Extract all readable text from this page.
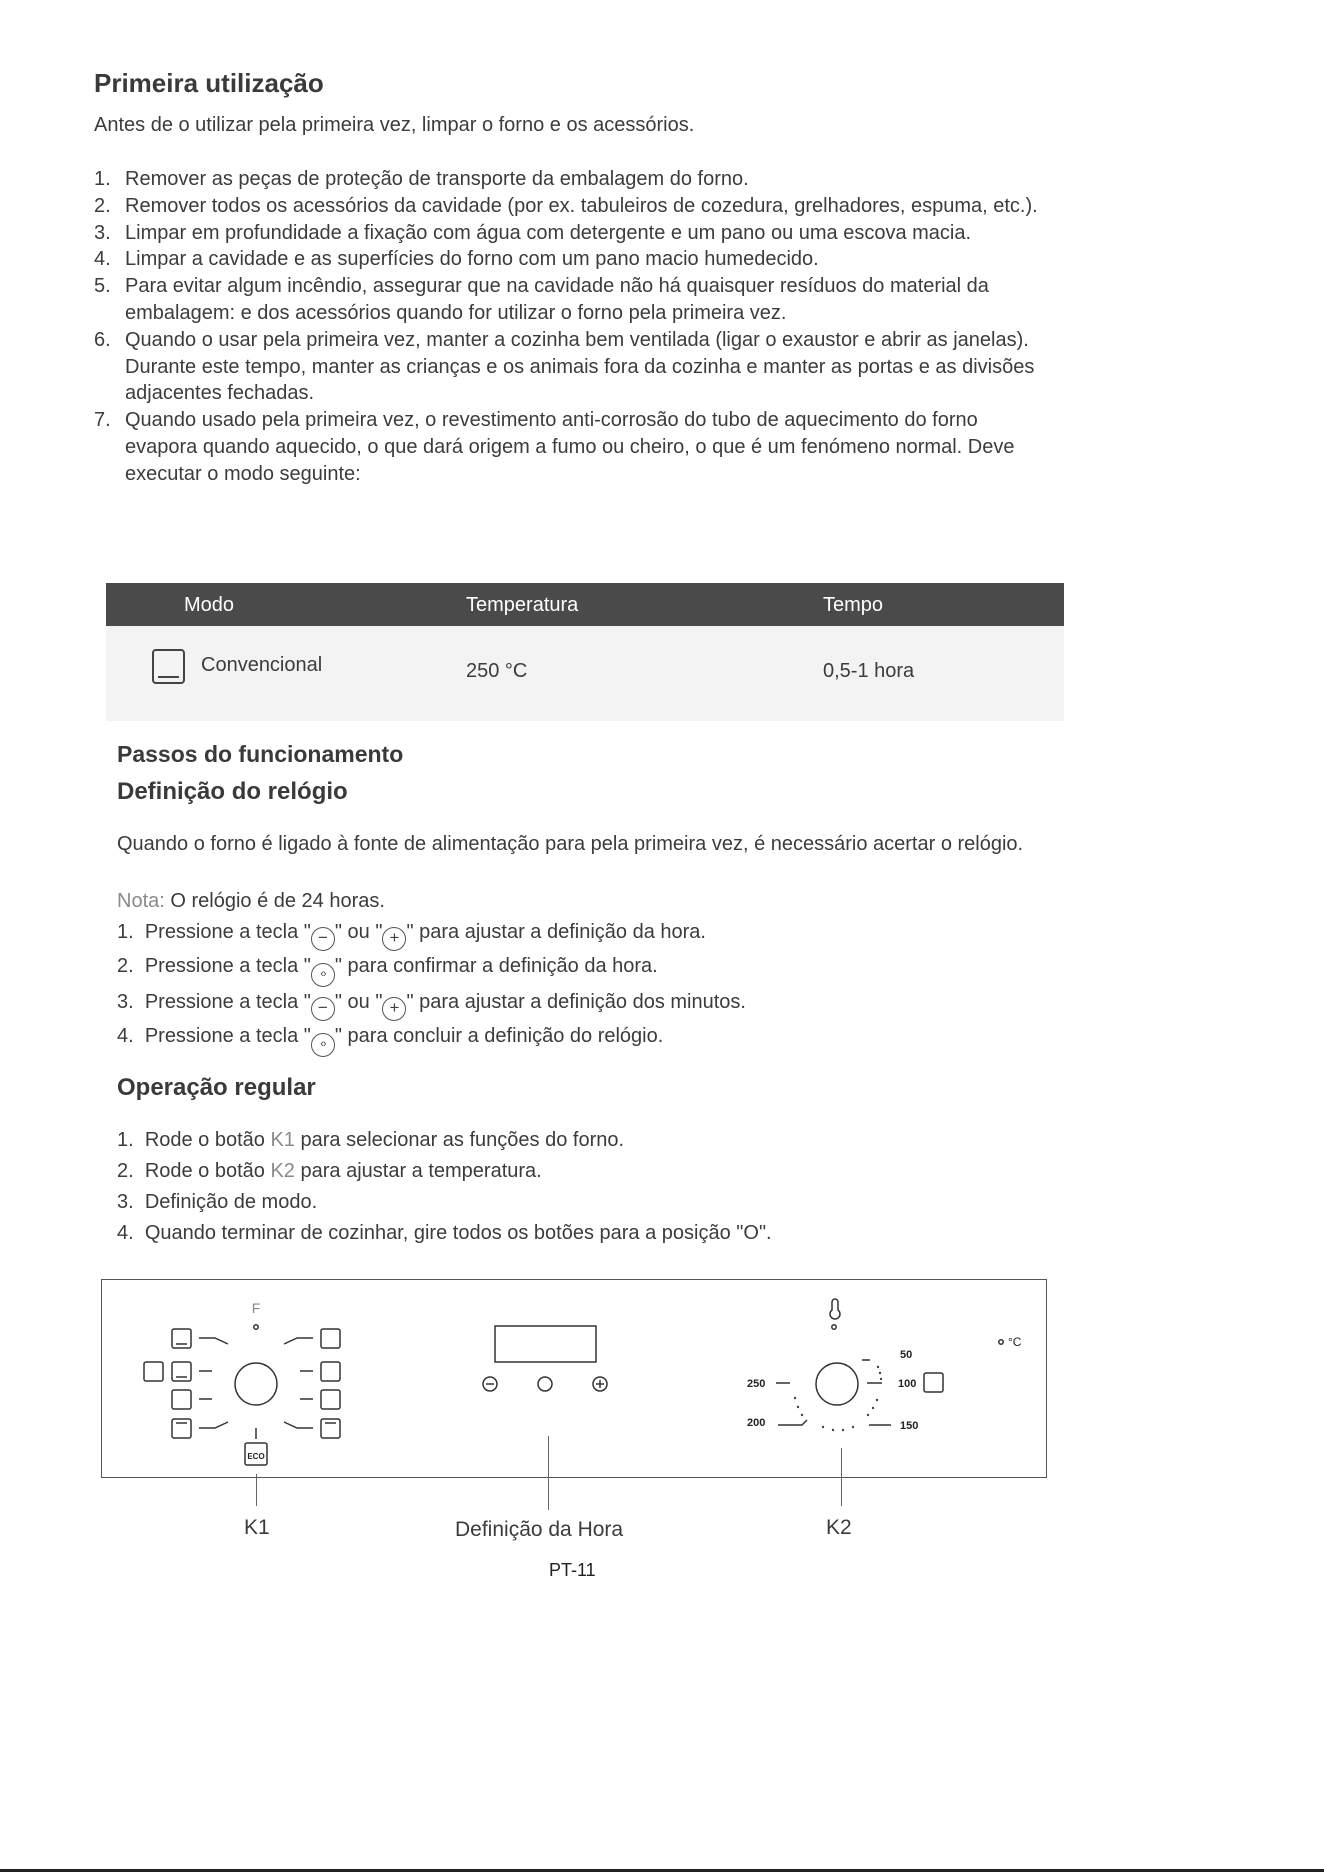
Primeira utilização
Antes de o utilizar pela primeira vez, limpar o forno e os acessórios.
1. Remover as peças de proteção de transporte da embalagem do forno.
2. Remover todos os acessórios da cavidade (por ex. tabuleiros de cozedura, grelhadores, espuma, etc.).
3. Limpar em profundidade a fixação com água com detergente e um pano ou uma escova macia.
4. Limpar a cavidade e as superfícies do forno com um pano macio humedecido.
5. Para evitar algum incêndio, assegurar que na cavidade não há quaisquer resíduos do material da embalagem: e dos acessórios quando for utilizar o forno pela primeira vez.
6. Quando o usar pela primeira vez, manter a cozinha bem ventilada (ligar o exaustor e abrir as janelas). Durante este tempo, manter as crianças e os animais fora da cozinha e manter as portas e as divisões adjacentes fechadas.
7. Quando usado pela primeira vez, o revestimento anti-corrosão do tubo de aquecimento do forno evapora quando aquecido, o que dará origem a fumo ou cheiro, o que é um fenómeno normal. Deve executar o modo seguinte:
Modo	Temperatura	Tempo
Convencional	250 °C	0,5-1 hora
Passos do funcionamento
Definição do relógio
Quando o forno é ligado à fonte de alimentação para pela primeira vez, é necessário acertar o relógio.
Nota: O relógio é de 24 horas.
1. Pressione a tecla " − " ou " + " para ajustar a definição da hora.
2. Pressione a tecla " ‹› " para confirmar a definição da hora.
3. Pressione a tecla " − " ou " + " para ajustar a definição dos minutos.
4. Pressione a tecla " ‹› " para concluir a definição do relógio.
Operação regular
1. Rode o botão K1 para selecionar as funções do forno.
2. Rode o botão K2 para ajustar a temperatura.
3. Definição de modo.
4. Quando terminar de cozinhar, gire todos os botões para a posição "O".
F
ECO
50
100
150
200
250
°C
K1	Definição da Hora	K2
PT-11
